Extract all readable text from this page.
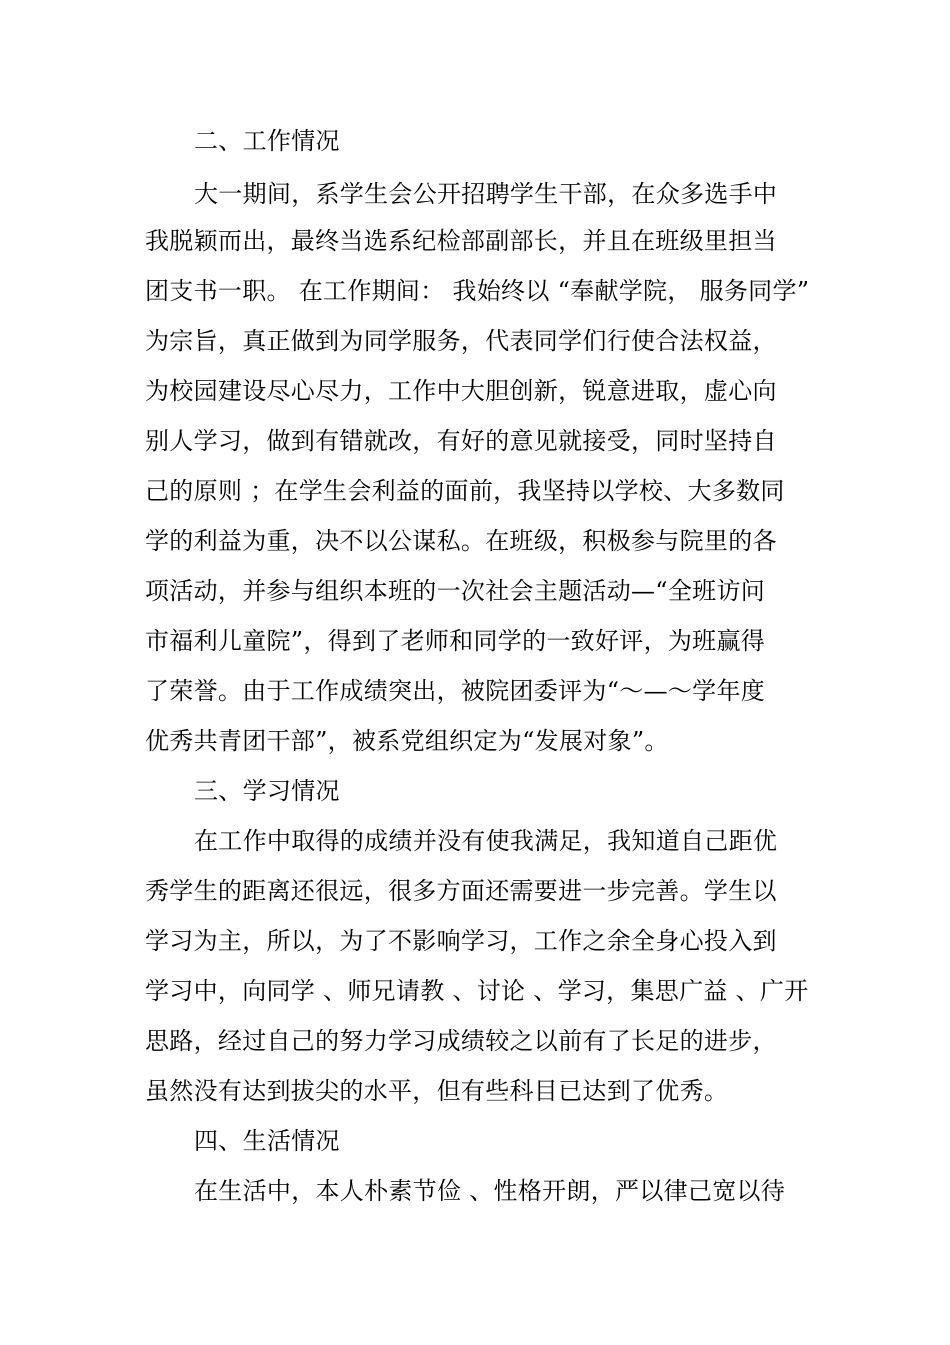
二、工作情况
大一期间，系学生会公开招聘学生干部，在众多选手中
我脱颖而出，最终当选系纪检部副部长，并且在班级里担当
团支书一职。 在工作期间： 我始终以 “奉献学院， 服务同学”
为宗旨，真正做到为同学服务，代表同学们行使合法权益，
为校园建设尽心尽力，工作中大胆创新，锐意进取，虚心向
别人学习，做到有错就改，有好的意见就接受，同时坚持自
己的原则 ；在学生会利益的面前，我坚持以学校、大多数同
学的利益为重，决不以公谋私。在班级，积极参与院里的各
项活动，并参与组织本班的一次社会主题活动—“全班访问
市福利儿童院”，得到了老师和同学的一致好评，为班赢得
了荣誉。由于工作成绩突出，被院团委评为“～—～学年度
优秀共青团干部”，被系党组织定为“发展对象”。
三、学习情况
在工作中取得的成绩并没有使我满足，我知道自己距优
秀学生的距离还很远，很多方面还需要进一步完善。学生以
学习为主，所以，为了不影响学习，工作之余全身心投入到
学习中，向同学 、师兄请教 、讨论 、学习，集思广益 、广开
思路，经过自己的努力学习成绩较之以前有了长足的进步，
虽然没有达到拔尖的水平，但有些科目已达到了优秀。
四、生活情况
在生活中，本人朴素节俭 、性格开朗，严以律己宽以待
